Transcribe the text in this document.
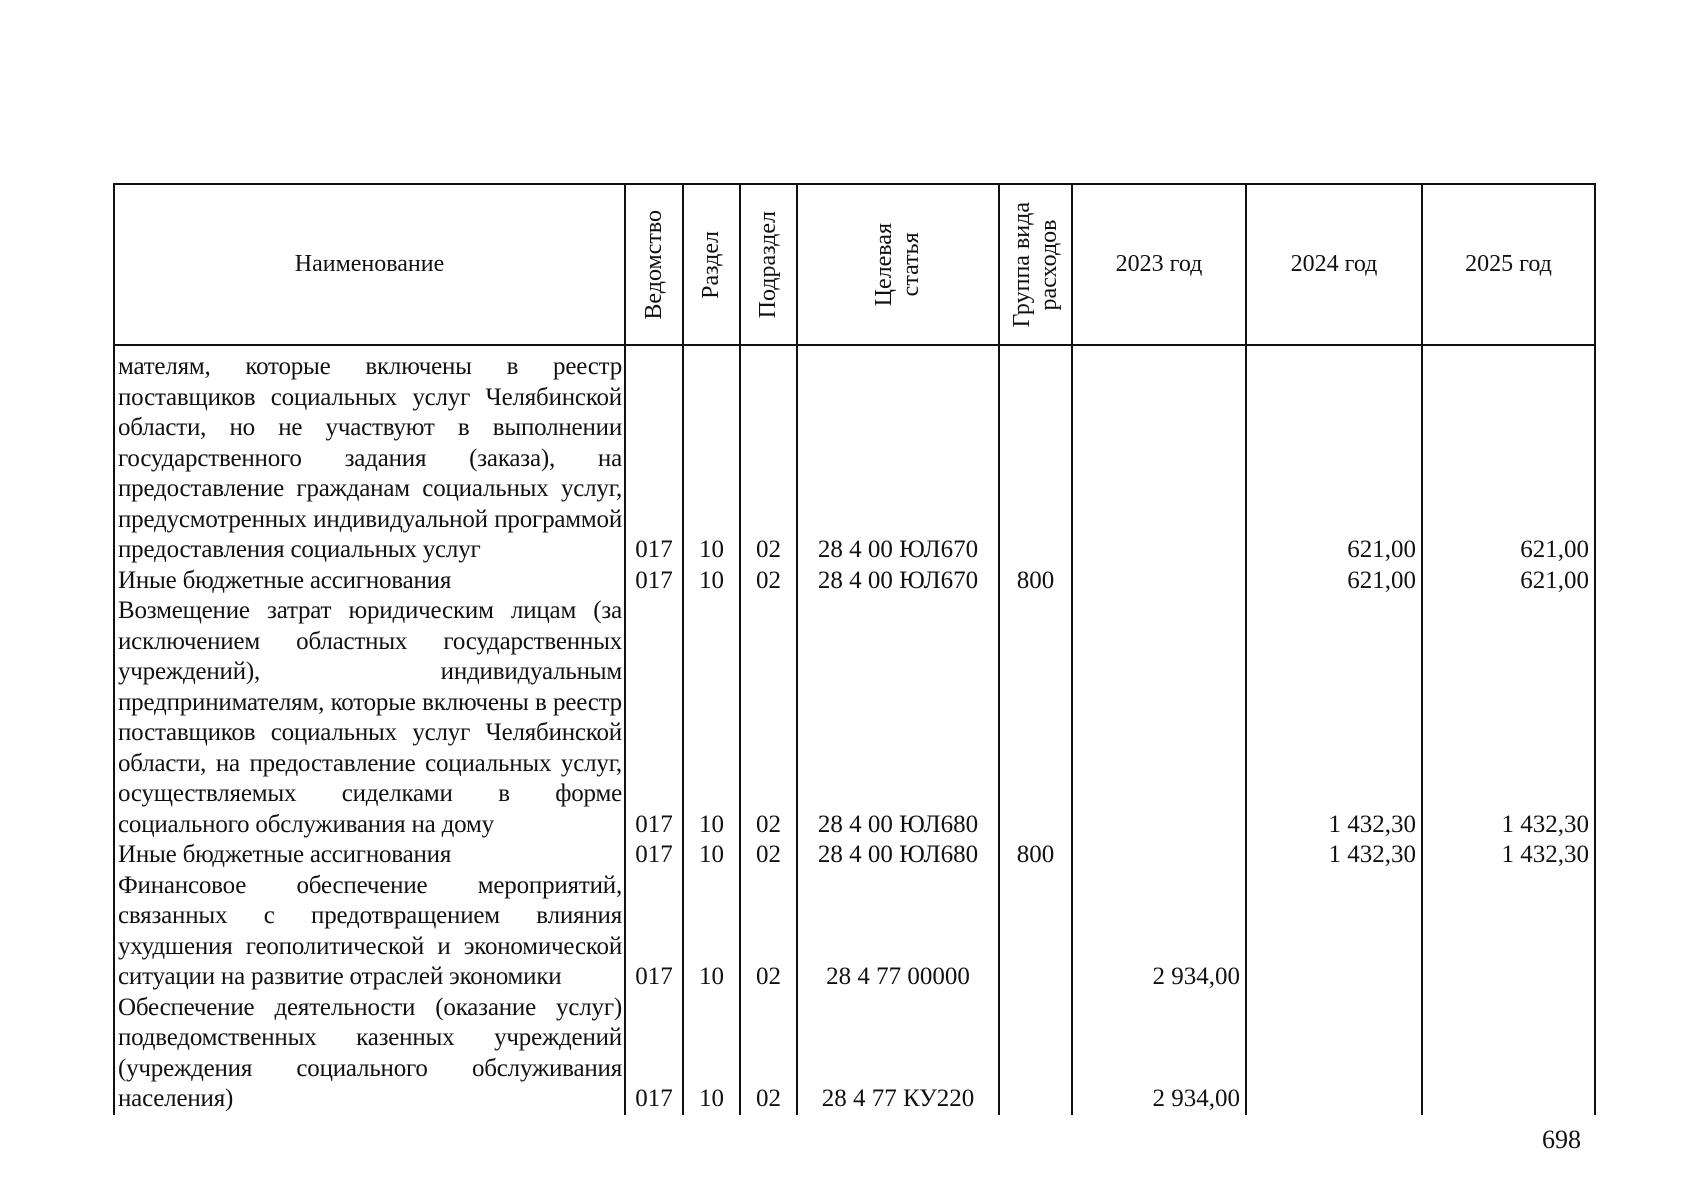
Наименование	Ведомство	Раздел	Подраздел	Целевая статья	Группа вида расходов	2023 год	2024 год	2025 год
мателям, которые включены в реестр поставщиков социальных услуг Челябинской области, но не участвуют в выполнении государственного задания (заказа), на предоставление гражданам социальных услуг, предусмотренных индивидуальной программой предоставления социальных услуг	017	10	02	28 4 00 ЮЛ670			621,00	621,00
Иные бюджетные ассигнования	017	10	02	28 4 00 ЮЛ670	800		621,00	621,00
Возмещение затрат юридическим лицам (за исключением областных государственных учреждений), индивидуальным предпринимателям, которые включены в реестр поставщиков социальных услуг Челябинской области, на предоставление социальных услуг, осуществляемых сиделками в форме социального обслуживания на дому	017	10	02	28 4 00 ЮЛ680			1 432,30	1 432,30
Иные бюджетные ассигнования	017	10	02	28 4 00 ЮЛ680	800		1 432,30	1 432,30
Финансовое обеспечение мероприятий, связанных с предотвращением влияния ухудшения геополитической и экономической ситуации на развитие отраслей экономики	017	10	02	28 4 77 00000		2 934,00		
Обеспечение деятельности (оказание услуг) подведомственных казенных учреждений (учреждения социального обслуживания населения)	017	10	02	28 4 77 КУ220		2 934,00		
698
